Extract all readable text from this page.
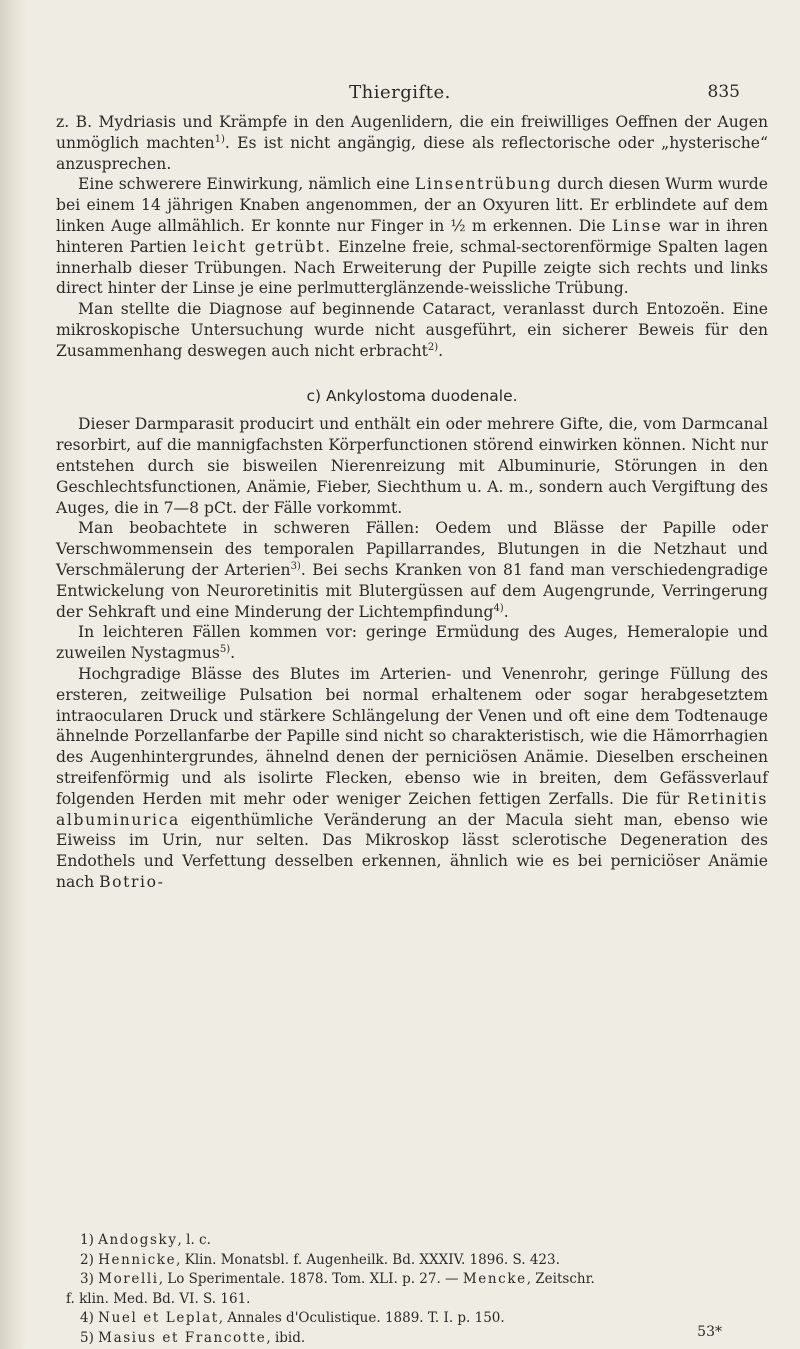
Thiergifte.	835

z. B. Mydriasis und Krämpfe in den Augenlidern, die ein freiwilliges Oeffnen der Augen unmöglich machten$^{1)}$. Es ist nicht angängig, diese als reflectorische oder „hysterische“ anzusprechen.

Eine schwerere Einwirkung, nämlich eine Linsentrübung durch diesen Wurm wurde bei einem 14 jährigen Knaben angenommen, der an Oxyuren litt. Er erblindete auf dem linken Auge allmählich. Er konnte nur Finger in ½ m erkennen. Die Linse war in ihren hinteren Partien leicht getrübt. Einzelne freie, schmal-sectorenförmige Spalten lagen innerhalb dieser Trübungen. Nach Erweiterung der Pupille zeigte sich rechts und links direct hinter der Linse je eine perlmutterglänzende-weissliche Trübung.

Man stellte die Diagnose auf beginnende Cataract, veranlasst durch Entozoën. Eine mikroskopische Untersuchung wurde nicht ausgeführt, ein sicherer Beweis für den Zusammenhang deswegen auch nicht erbracht$^{2)}$.

c) Ankylostoma duodenale.

Dieser Darmparasit producirt und enthält ein oder mehrere Gifte, die, vom Darmcanal resorbirt, auf die mannigfachsten Körperfunctionen störend einwirken können. Nicht nur entstehen durch sie bisweilen Nierenreizung mit Albuminurie, Störungen in den Geschlechtsfunctionen, Anämie, Fieber, Siechthum u. A. m., sondern auch Vergiftung des Auges, die in 7—8 pCt. der Fälle vorkommt.

Man beobachtete in schweren Fällen: Oedem und Blässe der Papille oder Verschwommensein des temporalen Papillarrandes, Blutungen in die Netzhaut und Verschmälerung der Arterien$^{3)}$. Bei sechs Kranken von 81 fand man verschiedengradige Entwickelung von Neuroretinitis mit Blutergüssen auf dem Augengrunde, Verringerung der Sehkraft und eine Minderung der Lichtempfindung$^{4)}$.

In leichteren Fällen kommen vor: geringe Ermüdung des Auges, Hemeralopie und zuweilen Nystagmus$^{5)}$.

Hochgradige Blässe des Blutes im Arterien- und Venenrohr, geringe Füllung des ersteren, zeitweilige Pulsation bei normal erhaltenem oder sogar herabgesetztem intraocularen Druck und stärkere Schlängelung der Venen und oft eine dem Todtenauge ähnelnde Porzellanfarbe der Papille sind nicht so charakteristisch, wie die Hämorrhagien des Augenhintergrundes, ähnelnd denen der perniciösen Anämie. Dieselben erscheinen streifenförmig und als isolirte Flecken, ebenso wie in breiten, dem Gefässverlauf folgenden Herden mit mehr oder weniger Zeichen fettigen Zerfalls. Die für Retinitis albuminurica eigenthümliche Veränderung an der Macula sieht man, ebenso wie Eiweiss im Urin, nur selten. Das Mikroskop lässt sclerotische Degeneration des Endothels und Verfettung desselben erkennen, ähnlich wie es bei perniciöser Anämie nach Botrio-

1) Andogsky, l. c.
2) Hennicke, Klin. Monatsbl. f. Augenheilk. Bd. XXXIV. 1896. S. 423.
3) Morelli, Lo Sperimentale. 1878. Tom. XLI. p. 27. — Mencke, Zeitschr.
f. klin. Med. Bd. VI. S. 161.
4) Nuel et Leplat, Annales d'Oculistique. 1889. T. I. p. 150.
5) Masius et Francotte, ibid.	53*
